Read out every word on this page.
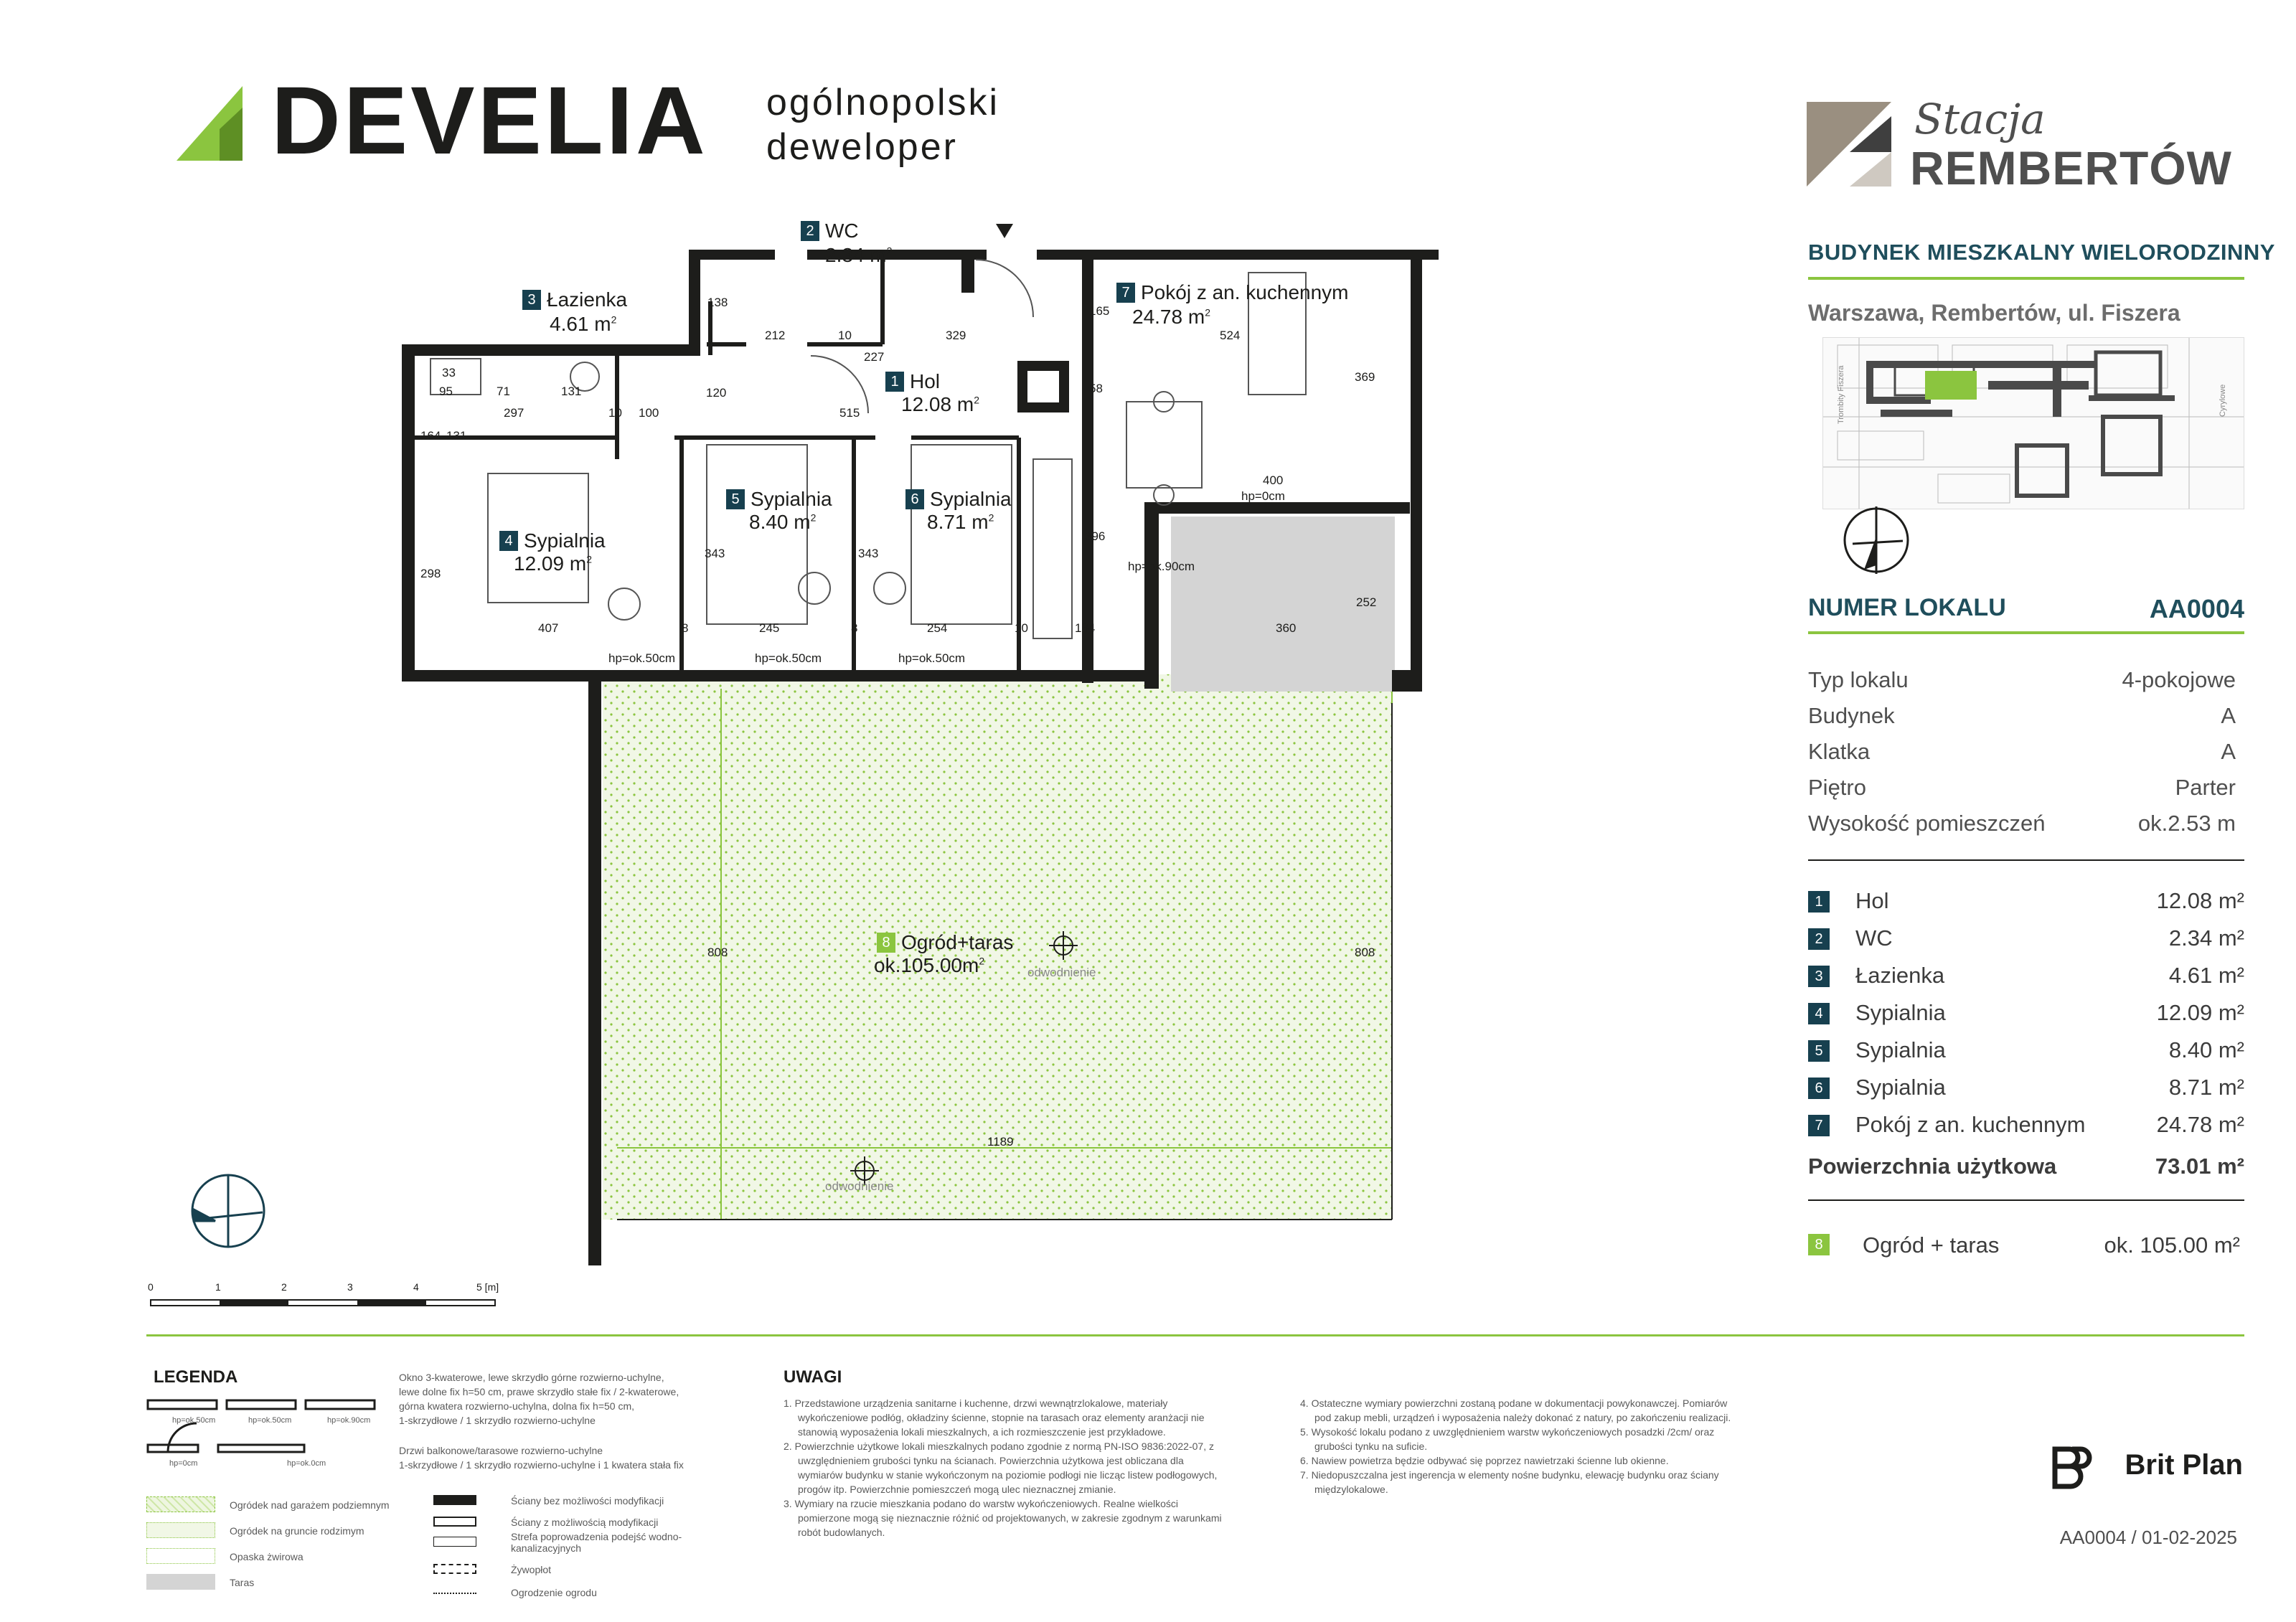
DEVELIA ogólnopolski
deweloper
Stacja
REMBERTÓW
BUDYNEK MIESZKALNY WIELORODZINNY
Warszawa, Rembertów, ul. Fiszera
Trombity Fiszera	Cyrylowe
NUMER LOKALU	AA0004
Typ lokalu	4-pokojowe
Budynek	A
Klatka	A
Piętro	Parter
Wysokość pomieszczeń	ok.2.53 m
1	Hol	12.08 m²
2	WC	2.34 m²
3	Łazienka	4.61 m²
4	Sypialnia	12.09 m²
5	Sypialnia	8.40 m²
6	Sypialnia	8.71 m²
7	Pokój z an. kuchennym	24.78 m²
Powierzchnia użytkowa	73.01 m²
8	Ogród + taras	ok. 105.00 m²
2 WC
2.34 $m^2$
3 Łazienka
4.61 $m^2$
7 Pokój z an. kuchennym
24.78 $m^2$
1 Hol
12.08 $m^2$
5 Sypialnia
8.40 $m^2$
6 Sypialnia
8.71 $m^2$
4 Sypialnia
12.09 $m^2$
8 Ogród+taras
$ok.105.00m^2$
138
212	10	329
227
165
524
369
58
33
95	71	131
297	10 100
120
515
164 131
298
343	343
396
400
hp=0cm
hp=ok.90cm
407	8	245	8	254	10	184	360
252
hp=ok.50cm	hp=ok.50cm	hp=ok.50cm
808	808
1189
odwodnienie
odwodnienie
0	1	2	3	4	5 [m]
LEGENDA
hp=ok.50cm	hp=ok.50cm	hp=ok.90cm
hp=0cm	hp=ok.0cm
Okno 3-kwaterowe, lewe skrzydło górne rozwierno-uchylne,
lewe dolne fix h=50 cm, prawe skrzydło stałe fix / 2-kwaterowe,
górna kwatera rozwierno-uchylna, dolna fix h=50 cm,
1-skrzydłowe / 1 skrzydło rozwierno-uchylne
Drzwi balkonowe/tarasowe rozwierno-uchylne
1-skrzydłowe / 1 skrzydło rozwierno-uchylne i 1 kwatera stała fix
Ogródek nad garażem podziemnym
Ogródek na gruncie rodzimym
Opaska żwirowa
Taras
Ściany bez możliwości modyfikacji
Ściany z możliwością modyfikacji
Strefa poprowadzenia podejść wodno-kanalizacyjnych
Żywopłot
Ogrodzenie ogrodu
UWAGI
1. Przedstawione urządzenia sanitarne i kuchenne, drzwi wewnątrzlokalowe, materiały
wykończeniowe podłóg, okładziny ścienne, stopnie na tarasach oraz elementy aranżacji nie
stanowią wyposażenia lokali mieszkalnych, a ich rozmieszczenie jest przykładowe.
2. Powierzchnie użytkowe lokali mieszkalnych podano zgodnie z normą PN-ISO 9836:2022-07, z
uwzględnieniem grubości tynku na ścianach. Powierzchnia użytkowa jest obliczana dla
wymiarów budynku w stanie wykończonym na poziomie podłogi nie licząc listew podłogowych,
progów itp. Powierzchnie pomieszczeń mogą ulec nieznacznej zmianie.
3. Wymiary na rzucie mieszkania podano do warstw wykończeniowych. Realne wielkości
pomierzone mogą się nieznacznie różnić od projektowanych, w zakresie zgodnym z warunkami
robót budowlanych.
4. Ostateczne wymiary powierzchni zostaną podane w dokumentacji powykonawczej. Pomiarów
pod zakup mebli, urządzeń i wyposażenia należy dokonać z natury, po zakończeniu realizacji.
5. Wysokość lokalu podano z uwzględnieniem warstw wykończeniowych posadzki /2cm/ oraz
grubości tynku na suficie.
6. Nawiew powietrza będzie odbywać się poprzez nawietrzaki ścienne lub okienne.
7. Niedopuszczalna jest ingerencja w elementy nośne budynku, elewację budynku oraz ściany
międzylokalowe.
Brit Plan
AA0004 / 01-02-2025
